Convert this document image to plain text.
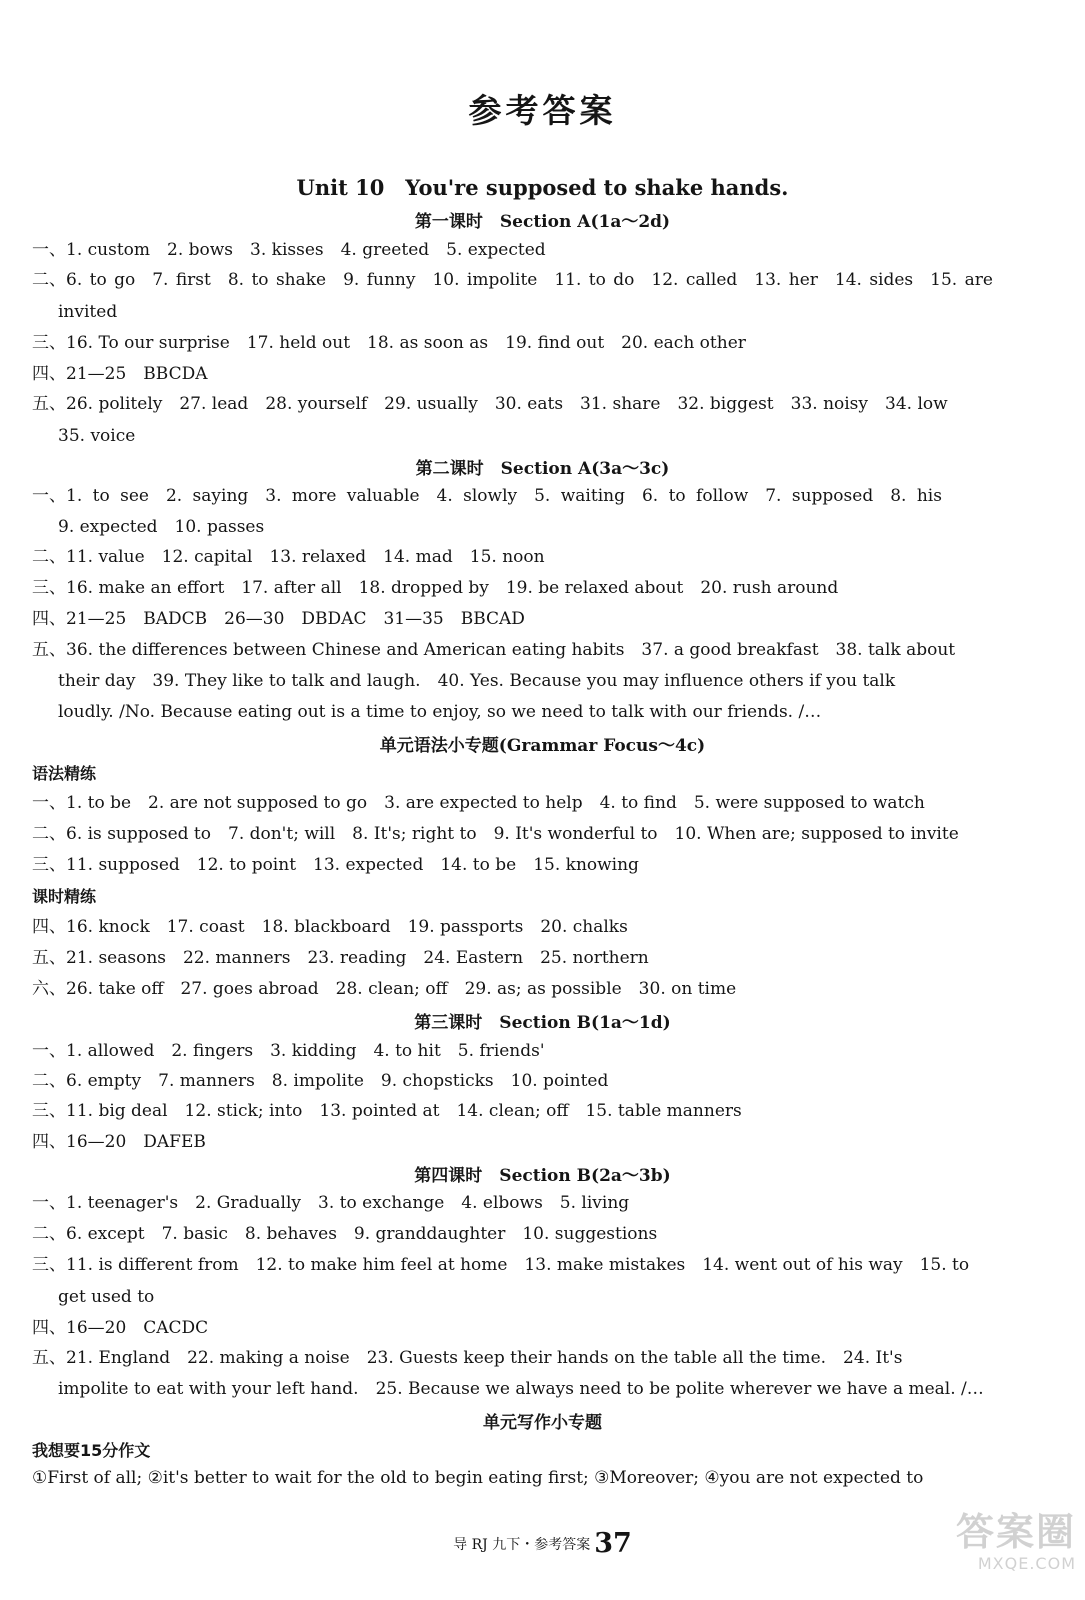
参考答案
Unit 10　You're supposed to shake hands.
第一课时　Section A(1a～2d)
一、1. custom　2. bows　3. kisses　4. greeted　5. expected
二、6. to go　7. first　8. to shake　9. funny　10. impolite　11. to do　12. called　13. her　14. sides　15. are
invited
三、16. To our surprise　17. held out　18. as soon as　19. find out　20. each other
四、21—25　BBCDA
五、26. politely　27. lead　28. yourself　29. usually　30. eats　31. share　32. biggest　33. noisy　34. low
35. voice
第二课时　Section A(3a～3c)
一、1. to see　2. saying　3. more valuable　4. slowly　5. waiting　6. to follow　7. supposed　8. his
9. expected　10. passes
二、11. value　12. capital　13. relaxed　14. mad　15. noon
三、16. make an effort　17. after all　18. dropped by　19. be relaxed about　20. rush around
四、21—25　BADCB　26—30　DBDAC　31—35　BBCAD
五、36. the differences between Chinese and American eating habits　37. a good breakfast　38. talk about
their day　39. They like to talk and laugh.　40. Yes. Because you may influence others if you talk
loudly. /No. Because eating out is a time to enjoy, so we need to talk with our friends. /…
单元语法小专题(Grammar Focus～4c)
语法精练
一、1. to be　2. are not supposed to go　3. are expected to help　4. to find　5. were supposed to watch
二、6. is supposed to　7. don't; will　8. It's; right to　9. It's wonderful to　10. When are; supposed to invite
三、11. supposed　12. to point　13. expected　14. to be　15. knowing
课时精练
四、16. knock　17. coast　18. blackboard　19. passports　20. chalks
五、21. seasons　22. manners　23. reading　24. Eastern　25. northern
六、26. take off　27. goes abroad　28. clean; off　29. as; as possible　30. on time
第三课时　Section B(1a～1d)
一、1. allowed　2. fingers　3. kidding　4. to hit　5. friends'
二、6. empty　7. manners　8. impolite　9. chopsticks　10. pointed
三、11. big deal　12. stick; into　13. pointed at　14. clean; off　15. table manners
四、16—20　DAFEB
第四课时　Section B(2a～3b)
一、1. teenager's　2. Gradually　3. to exchange　4. elbows　5. living
二、6. except　7. basic　8. behaves　9. granddaughter　10. suggestions
三、11. is different from　12. to make him feel at home　13. make mistakes　14. went out of his way　15. to
get used to
四、16—20　CACDC
五、21. England　22. making a noise　23. Guests keep their hands on the table all the time.　24. It's
impolite to eat with your left hand.　25. Because we always need to be polite wherever we have a meal. /…
单元写作小专题
我想要15分作文
①First of all; ②it's better to wait for the old to begin eating first; ③Moreover; ④you are not expected to
导 RJ 九下・参考答案 37	答案圈
MXQE.COM
